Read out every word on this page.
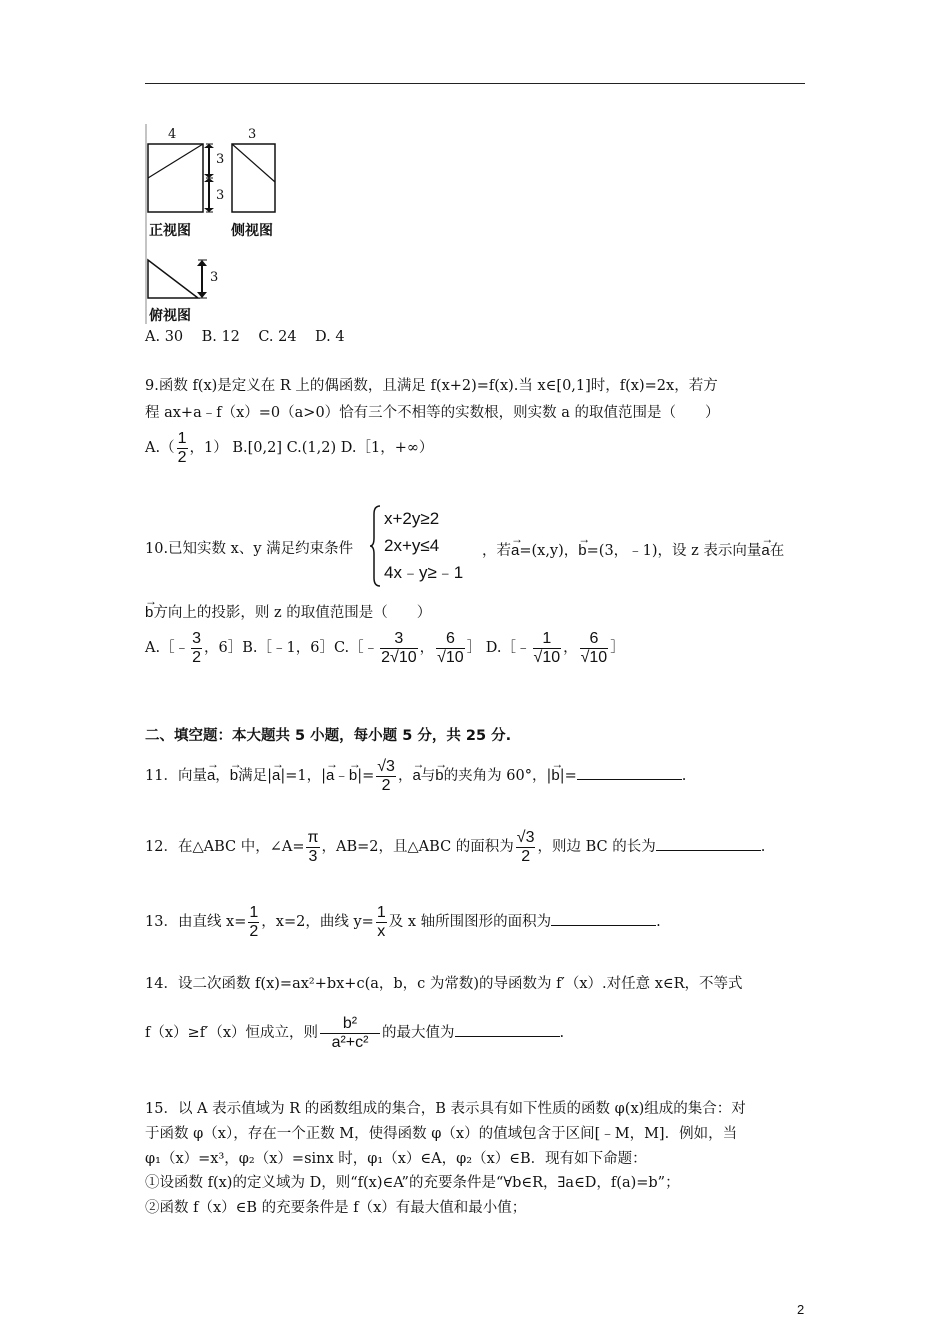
4
3
3
正视图
3
侧视图
3
俯视图
A. 30    B. 12    C. 24    D. 4
9.函数 f(x)是定义在 R 上的偶函数，且满足 f(x+2)=f(x).当 x∈[0,1]时，f(x)=2x，若方
程 ax+a﹣f（x）=0（a>0）恰有三个不相等的实数根，则实数 a 的取值范围是（　　）
$A.( \frac{1}{2}$ ，1） B.[0,2] C.(1,2) D.［1，+∞）
10.已知实数 x、y 满足约束条件
x+2y≥2
2x+y≤4
4x﹣y≥﹣1
，若→ a=(x,y)，→ b=(3，﹣1)，设 z 表示向量→ a在
→ b方向上的投影，则 z 的取值范围是（　　）
A.［﹣ $\frac{3}{2}$ ，6］B.［﹣1，6］C.［﹣ $\frac{3}{2√10}$ ， $\frac{6}{√10}$ ］ D.［﹣ $\frac{1}{√10}$ ， $\frac{6}{√10}$ ］
二、填空题：本大题共 5 小题，每小题 5 分，共 25 分.
11．向量→ a，→ b满足|→ a|=1，|→ a﹣→ $b|= \frac{√3}{2}$ ，→ a与→ b的夹角为 60°，|→ b|=	.
12．在△ABC 中，∠A= $\frac{\pi}{3}$ ，AB=2，且△ABC 的面积为 $\frac{√3}{2}$ ，则边 BC 的长为	.
13．由直线 $x= \frac{1}{2}$ ，x=2，曲线 $y= \frac{1}{x}$ 及 x 轴所围图形的面积为	.
14．设二次函数 f(x)=ax²+bx+c(a，b，c 为常数)的导函数为 f′（x）.对任意 x∈R，不等式
f（x）≥f′（x）恒成立，则 $\frac{\text{b²}}{\text{a²+c²}}$ 的最大值为	.
15．以 A 表示值域为 R 的函数组成的集合，B 表示具有如下性质的函数 φ(x)组成的集合：对
于函数 φ（x），存在一个正数 M，使得函数 φ（x）的值域包含于区间[﹣M，M]．例如，当
φ₁（x）=x³，φ₂（x）=sinx 时，φ₁（x）∈A，φ₂（x）∈B．现有如下命题：
①设函数 f(x)的定义域为 D，则“f(x)∈A”的充要条件是“∀b∈R，∃a∈D，f(a)=b”；
②函数 f（x）∈B 的充要条件是 f（x）有最大值和最小值；
2
